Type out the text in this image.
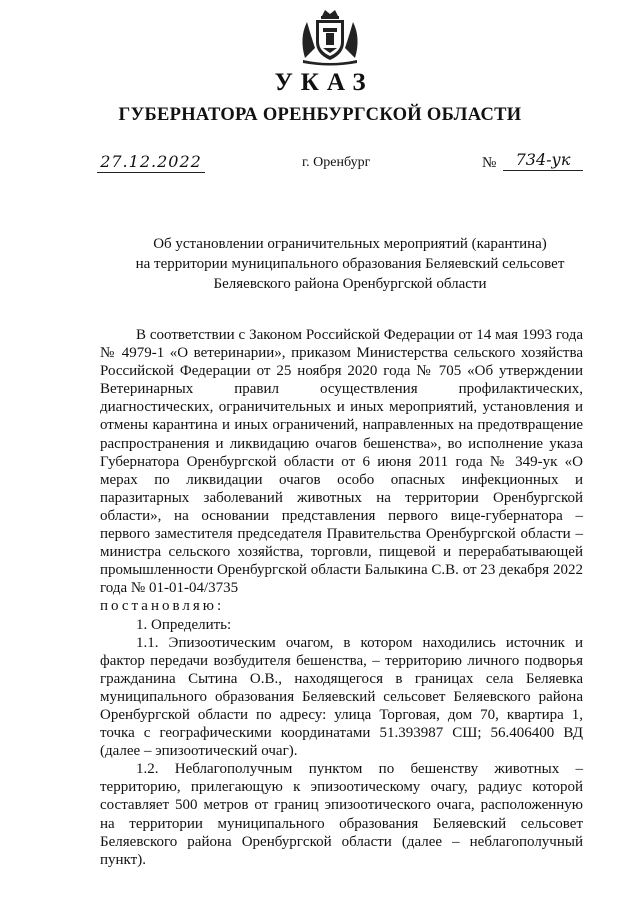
УКАЗ
ГУБЕРНАТОРА ОРЕНБУРГСКОЙ ОБЛАСТИ
27.12.2022	г. Оренбург	№	734-ук
Об установлении ограничительных мероприятий (карантина)
на территории муниципального образования Беляевский сельсовет
Беляевского района Оренбургской области

В соответствии с Законом Российской Федерации от 14 мая 1993 года № 4979-1 «О ветеринарии», приказом Министерства сельского хозяйства Российской Федерации от 25 ноября 2020 года № 705 «Об утверждении Ветеринарных правил осуществления профилактических, диагностических, ограничительных и иных мероприятий, установления и отмены карантина и иных ограничений, направленных на предотвращение распространения и ликвидацию очагов бешенства», во исполнение указа Губернатора Оренбургской области от 6 июня 2011 года № 349-ук «О мерах по ликвидации очагов особо опасных инфекционных и паразитарных заболеваний животных на территории Оренбургской области», на основании представления первого вице-губернатора – первого заместителя председателя Правительства Оренбургской области – министра сельского хозяйства, торговли, пищевой и перерабатывающей промышленности Оренбургской области Балыкина С.В. от 23 декабря 2022 года № 01-01-04/3735

постановляю:

1. Определить:

1.1. Эпизоотическим очагом, в котором находились источник и фактор передачи возбудителя бешенства, – территорию личного подворья гражданина Сытина О.В., находящегося в границах села Беляевка муниципального образования Беляевский сельсовет Беляевского района Оренбургской области по адресу: улица Торговая, дом 70, квартира 1, точка с географическими координатами 51.393987 СШ; 56.406400 ВД (далее – эпизоотический очаг).

1.2. Неблагополучным пунктом по бешенству животных – территорию, прилегающую к эпизоотическому очагу, радиус которой составляет 500 метров от границ эпизоотического очага, расположенную на территории муниципального образования Беляевский сельсовет Беляевского района Оренбургской области (далее – неблагополучный пункт).
